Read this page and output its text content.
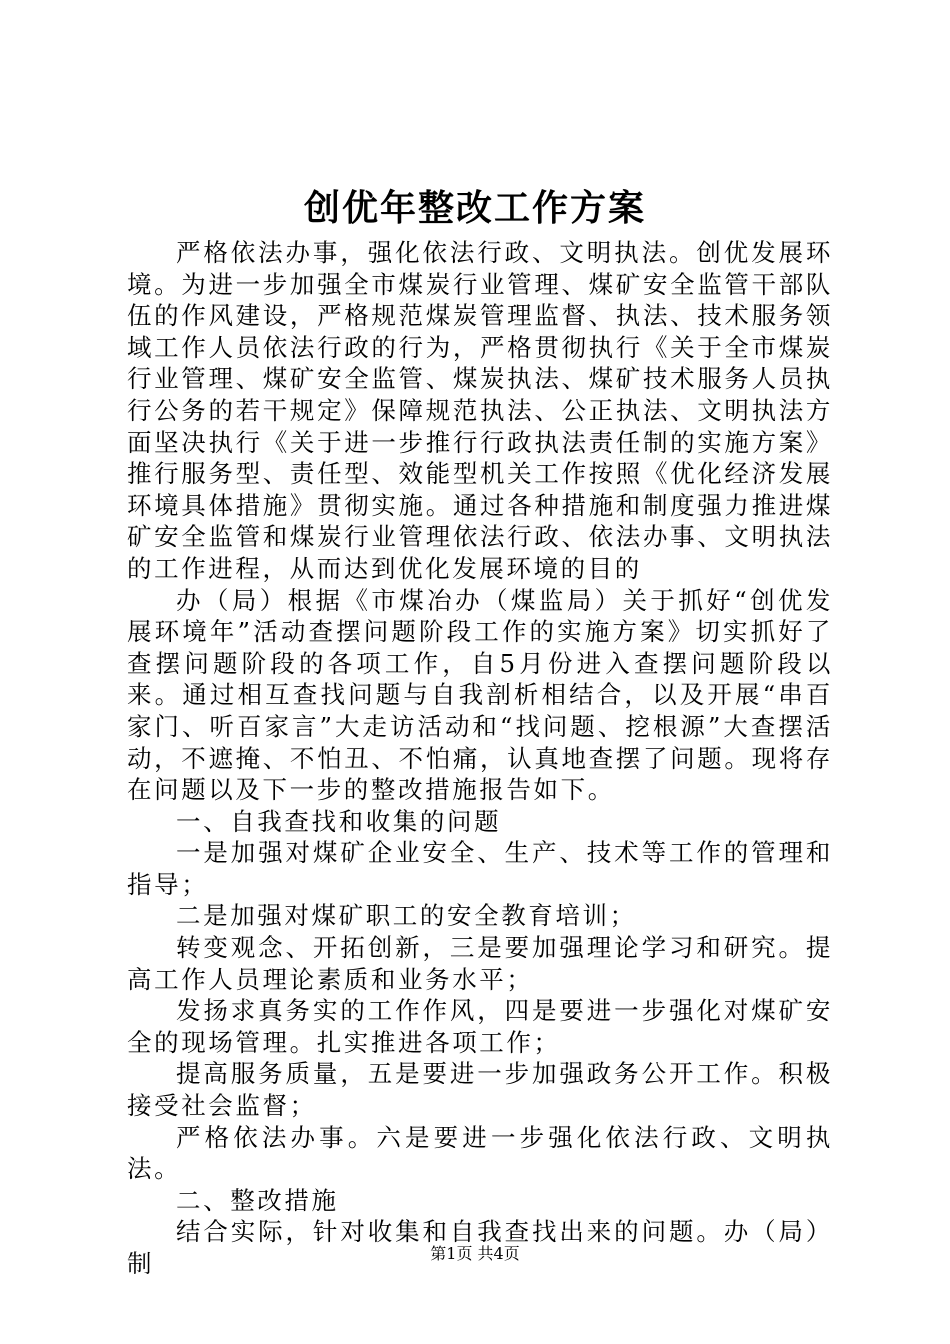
创优年整改工作方案

严格依法办事，强化依法行政、文明执法。创优发展环境。为进一步加强全市煤炭行业管理、煤矿安全监管干部队伍的作风建设，严格规范煤炭管理监督、执法、技术服务领域工作人员依法行政的行为，严格贯彻执行《关于全市煤炭行业管理、煤矿安全监管、煤炭执法、煤矿技术服务人员执行公务的若干规定》保障规范执法、公正执法、文明执法方面坚决执行《关于进一步推行行政执法责任制的实施方案》推行服务型、责任型、效能型机关工作按照《优化经济发展环境具体措施》贯彻实施。通过各种措施和制度强力推进煤矿安全监管和煤炭行业管理依法行政、依法办事、文明执法的工作进程，从而达到优化发展环境的目的

办（局）根据《市煤冶办（煤监局）关于抓好“创优发展环境年”活动查摆问题阶段工作的实施方案》切实抓好了查摆问题阶段的各项工作，自5月份进入查摆问题阶段以来。通过相互查找问题与自我剖析相结合，以及开展“串百家门、听百家言”大走访活动和“找问题、挖根源”大查摆活动，不遮掩、不怕丑、不怕痛，认真地查摆了问题。现将存在问题以及下一步的整改措施报告如下。

一、自我查找和收集的问题

一是加强对煤矿企业安全、生产、技术等工作的管理和指导；

二是加强对煤矿职工的安全教育培训；

转变观念、开拓创新，三是要加强理论学习和研究。提高工作人员理论素质和业务水平；

发扬求真务实的工作作风，四是要进一步强化对煤矿安全的现场管理。扎实推进各项工作；

提高服务质量，五是要进一步加强政务公开工作。积极接受社会监督；

严格依法办事。六是要进一步强化依法行政、文明执法。

二、整改措施

结合实际，针对收集和自我查找出来的问题。办（局）制	第1页 共4页
